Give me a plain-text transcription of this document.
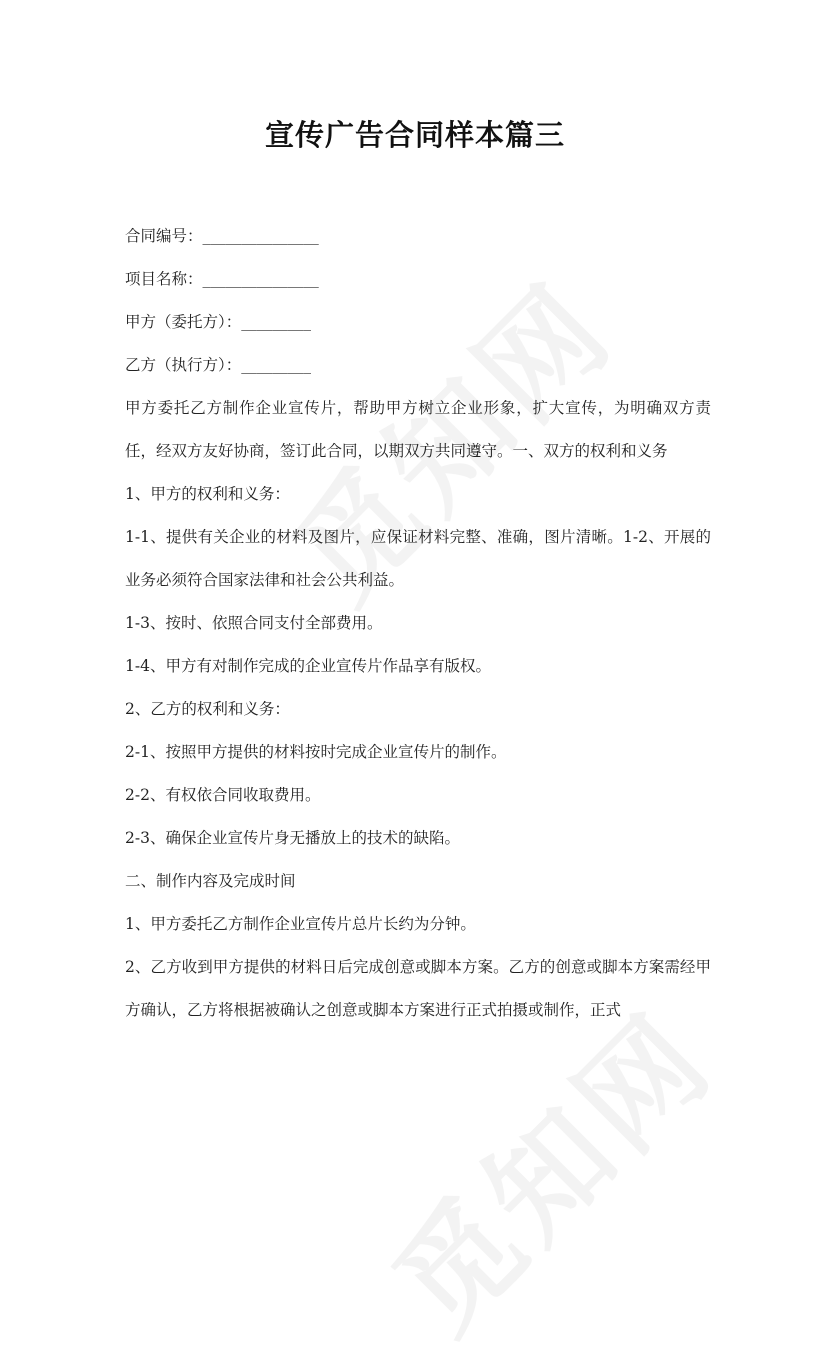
宣传广告合同样本篇三
合同编号：_______________
项目名称：_______________
甲方（委托方）：_________
乙方（执行方）：_________
甲方委托乙方制作企业宣传片，帮助甲方树立企业形象，扩大宣传，为明确双方责任，经双方友好协商，签订此合同，以期双方共同遵守。一、双方的权利和义务
1、甲方的权利和义务：
1-1、提供有关企业的材料及图片，应保证材料完整、准确，图片清晰。1-2、开展的业务必须符合国家法律和社会公共利益。
1-3、按时、依照合同支付全部费用。
1-4、甲方有对制作完成的企业宣传片作品享有版权。
2、乙方的权利和义务：
2-1、按照甲方提供的材料按时完成企业宣传片的制作。
2-2、有权依合同收取费用。
2-3、确保企业宣传片身无播放上的技术的缺陷。
二、制作内容及完成时间
1、甲方委托乙方制作企业宣传片总片长约为分钟。
2、乙方收到甲方提供的材料日后完成创意或脚本方案。乙方的创意或脚本方案需经甲方确认，乙方将根据被确认之创意或脚本方案进行正式拍摄或制作，正式
